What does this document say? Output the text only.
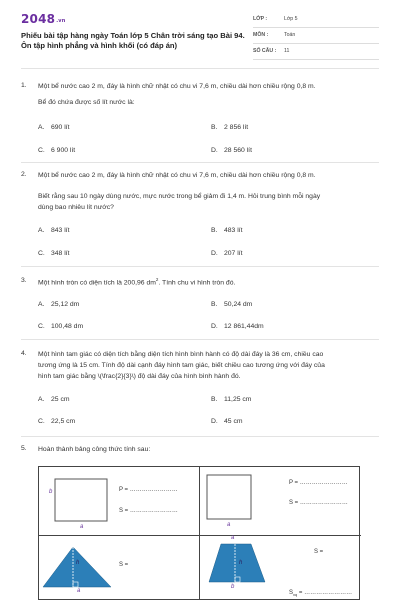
2048.vn
Phiếu bài tập hàng ngày Toán lớp 5 Chân trời sáng tạo Bài 94. Ôn tập hình phẳng và hình khối (có đáp án)
LỚP :	Lớp 5
MÔN :	Toán
SỐ CÂU : 11
1. Một bể nước cao 2 m, đáy là hình chữ nhật có chu vi 7,6 m, chiều dài hơn chiều rộng 0,8 m.
Bể đó chứa được số lít nước là:
A. 690 lít	B. 2 856 lít
C. 6 900 lít	D. 28 560 lít
2. Một bể nước cao 2 m, đáy là hình chữ nhật có chu vi 7,6 m, chiều dài hơn chiều rộng 0,8 m.
Biết rằng sau 10 ngày dùng nước, mực nước trong bể giảm đi 1,4 m. Hỏi trung bình mỗi ngày
dùng bao nhiêu lít nước?
A. 843 lít	B. 483 lít
C. 348 lít	D. 207 lít
3. Một hình tròn có diện tích là 200,96 $dm^2$. Tính chu vi hình tròn đó.
A. 25,12 dm	B. 50,24 dm
C. 100,48 dm	D. 12 861,44dm
4. Một hình tam giác có diện tích bằng diện tích hình bình hành có độ dài đáy là 36 cm, chiều cao
tương ứng là 15 cm. Tính độ dài cạnh đáy hình tam giác, biết chiều cao tương ứng với đáy của
hình tam giác bằng \(\frac{2}{3}\) độ dài đáy của hình bình hành đó.
A. 25 cm	B. 11,25 cm
C. 22,5 cm	D. 45 cm
5. Hoàn thành bảng công thức tính sau:
b
a
P = ……………………
S = ……………………
a
P = ……………………
S = ……………………
h
a
S =
a
h
b
S =
$S_{xq}$ = ……………………
